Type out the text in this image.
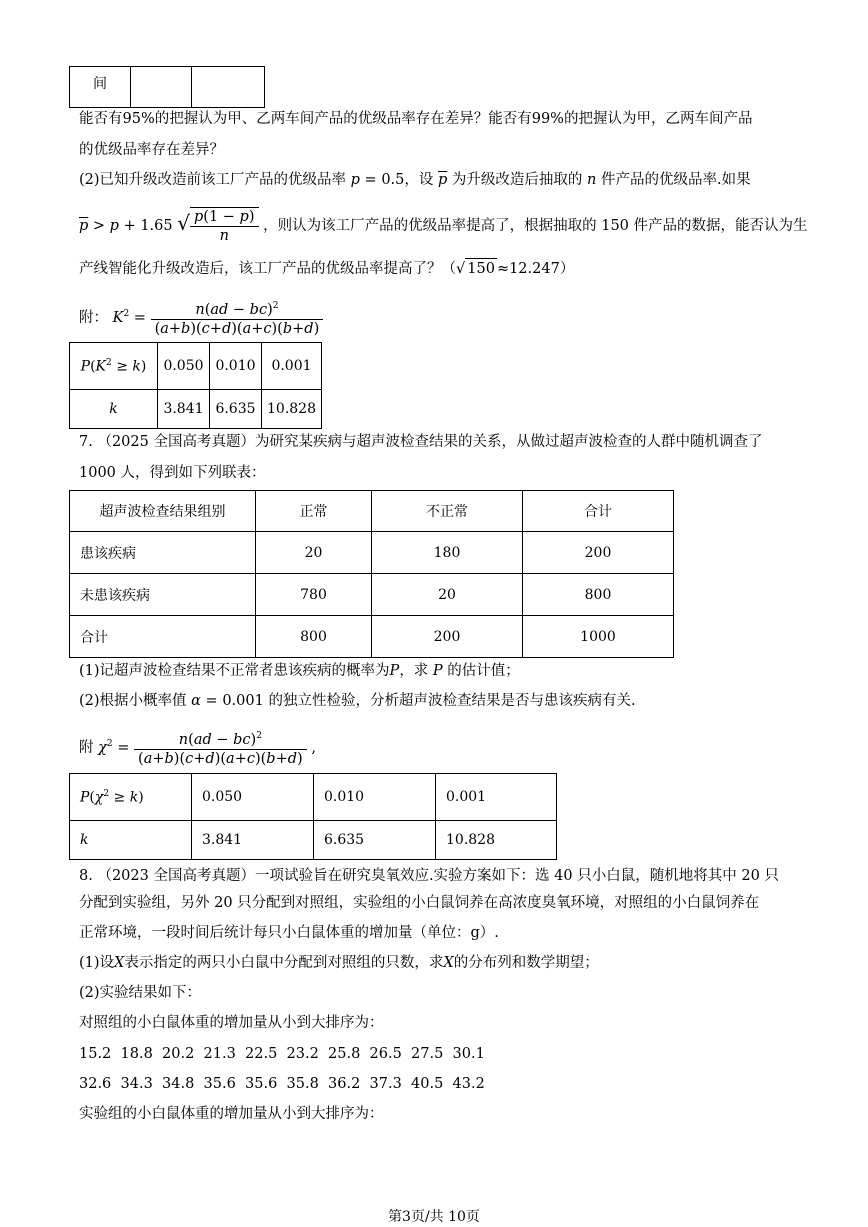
间		
能否有95%的把握认为甲、乙两车间产品的优级品率存在差异？能否有99%的把握认为甲，乙两车间产品
的优级品率存在差异？
(2)已知升级改造前该工厂产品的优级品率 p = 0.5，设 $\overline{p}$ 为升级改造后抽取的 n 件产品的优级品率.如果
$\overline{p} > p + 1.65$ √ $\frac{p(1 - p)}{n}$ ，则认为该工厂产品的优级品率提高了，根据抽取的 150 件产品的数据，能否认为生
产线智能化升级改造后，该工厂产品的优级品率提高了？（√ 150 ≈12.247）
附： $K^2 = \frac{n(ad - bc)^2}{(a+b)(c+d)(a+c)(b+d)}$
$P(K^2 \ge k)$	0.050	0.010	0.001
k	3.841	6.635	10.828
7. （2025 全国高考真题）为研究某疾病与超声波检查结果的关系，从做过超声波检查的人群中随机调查了
1000 人，得到如下列联表：
超声波检查结果组别	正常	不正常	合计
患该疾病	20	180	200
未患该疾病	780	20	800
合计	800	200	1000
(1)记超声波检查结果不正常者患该疾病的概率为P，求 P 的估计值；
(2)根据小概率值 α = 0.001 的独立性检验，分析超声波检查结果是否与患该疾病有关.
附 $\chi^2 = \frac{n(ad - bc)^2}{(a+b)(c+d)(a+c)(b+d)}$ ,
$P(\chi^2 \ge k)$	0.050	0.010	0.001
k	3.841	6.635	10.828
8. （2023 全国高考真题）一项试验旨在研究臭氧效应.实验方案如下：选 40 只小白鼠，随机地将其中 20 只
分配到实验组，另外 20 只分配到对照组，实验组的小白鼠饲养在高浓度臭氧环境，对照组的小白鼠饲养在
正常环境，一段时间后统计每只小白鼠体重的增加量（单位：g）.
(1)设X表示指定的两只小白鼠中分配到对照组的只数，求X的分布列和数学期望；
(2)实验结果如下：
对照组的小白鼠体重的增加量从小到大排序为：
15.2  18.8  20.2  21.3  22.5  23.2  25.8  26.5  27.5  30.1
32.6  34.3  34.8  35.6  35.6  35.8  36.2  37.3  40.5  43.2
实验组的小白鼠体重的增加量从小到大排序为：
第3页/共 10页
